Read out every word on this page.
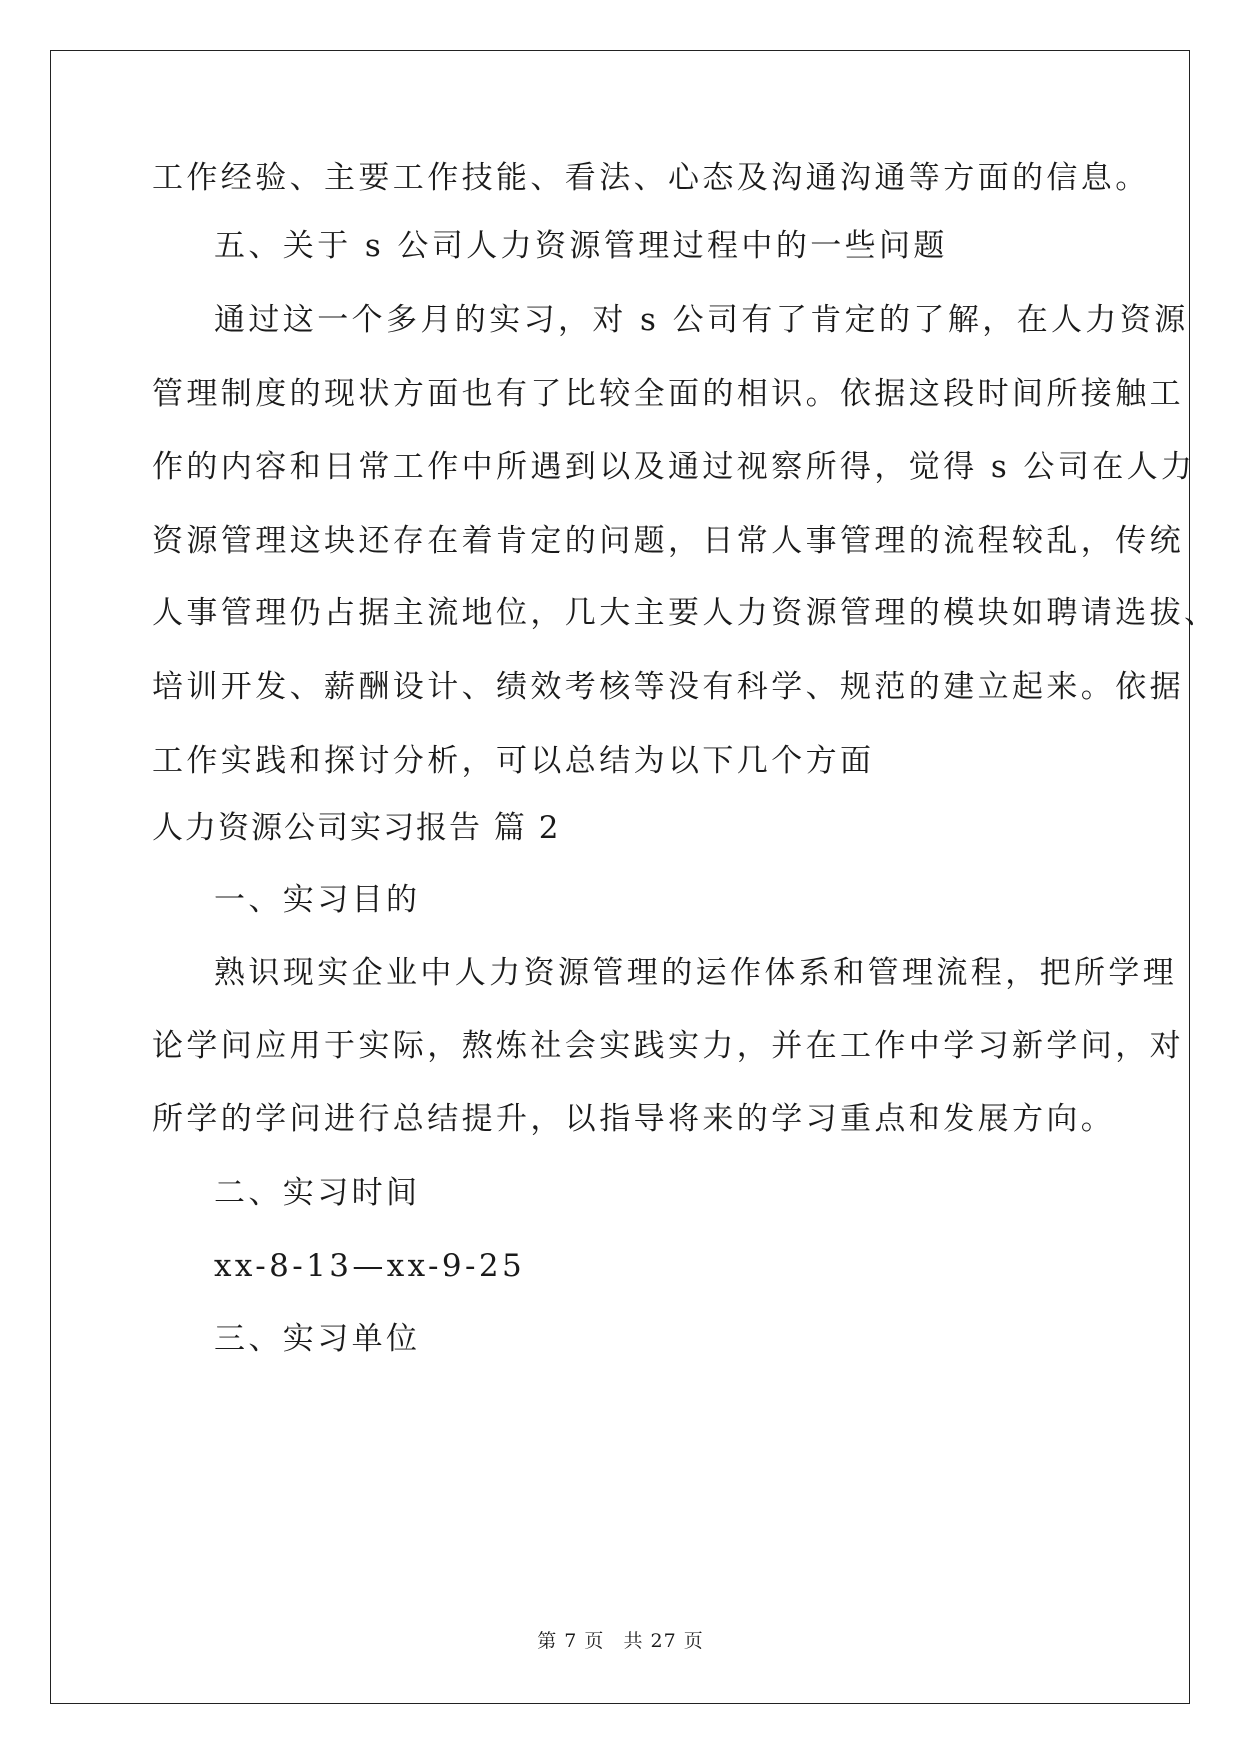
工作经验、主要工作技能、看法、心态及沟通沟通等方面的信息。
五、关于 s 公司人力资源管理过程中的一些问题
通过这一个多月的实习，对 s 公司有了肯定的了解，在人力资源
管理制度的现状方面也有了比较全面的相识。依据这段时间所接触工
作的内容和日常工作中所遇到以及通过视察所得，觉得 s 公司在人力
资源管理这块还存在着肯定的问题，日常人事管理的流程较乱，传统
人事管理仍占据主流地位，几大主要人力资源管理的模块如聘请选拔、
培训开发、薪酬设计、绩效考核等没有科学、规范的建立起来。依据
工作实践和探讨分析，可以总结为以下几个方面
人力资源公司实习报告 篇 2
一、实习目的
熟识现实企业中人力资源管理的运作体系和管理流程，把所学理
论学问应用于实际，熬炼社会实践实力，并在工作中学习新学问，对
所学的学问进行总结提升，以指导将来的学习重点和发展方向。
二、实习时间
xx-8-13—xx-9-25
三、实习单位
第 7 页 共 27 页
